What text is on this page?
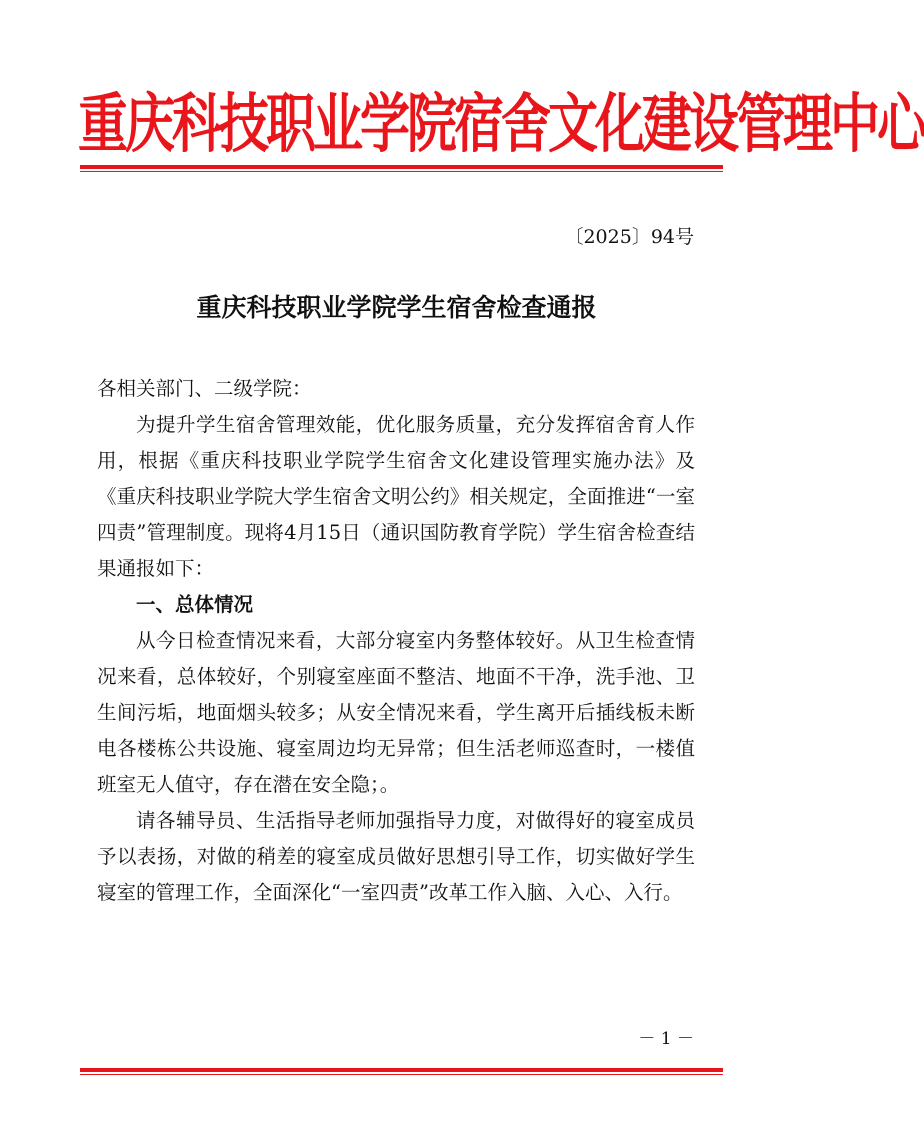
重庆科技职业学院宿舍文化建设管理中心
〔2025〕94号
重庆科技职业学院学生宿舍检查通报

各相关部门、二级学院：

为提升学生宿舍管理效能，优化服务质量，充分发挥宿舍育人作用，根据《重庆科技职业学院学生宿舍文化建设管理实施办法》及《重庆科技职业学院大学生宿舍文明公约》相关规定，全面推进“一室四责”管理制度。现将4月15日（通识国防教育学院）学生宿舍检查结果通报如下：

一、总体情况

从今日检查情况来看，大部分寝室内务整体较好。从卫生检查情况来看，总体较好，个别寝室座面不整洁、地面不干净，洗手池、卫生间污垢，地面烟头较多；从安全情况来看，学生离开后插线板未断电各楼栋公共设施、寝室周边均无异常；但生活老师巡查时，一楼值班室无人值守，存在潜在安全隐；。

请各辅导员、生活指导老师加强指导力度，对做得好的寝室成员予以表扬，对做的稍差的寝室成员做好思想引导工作，切实做好学生寝室的管理工作，全面深化“一室四责”改革工作入脑、入心、入行。

－ 1 －
